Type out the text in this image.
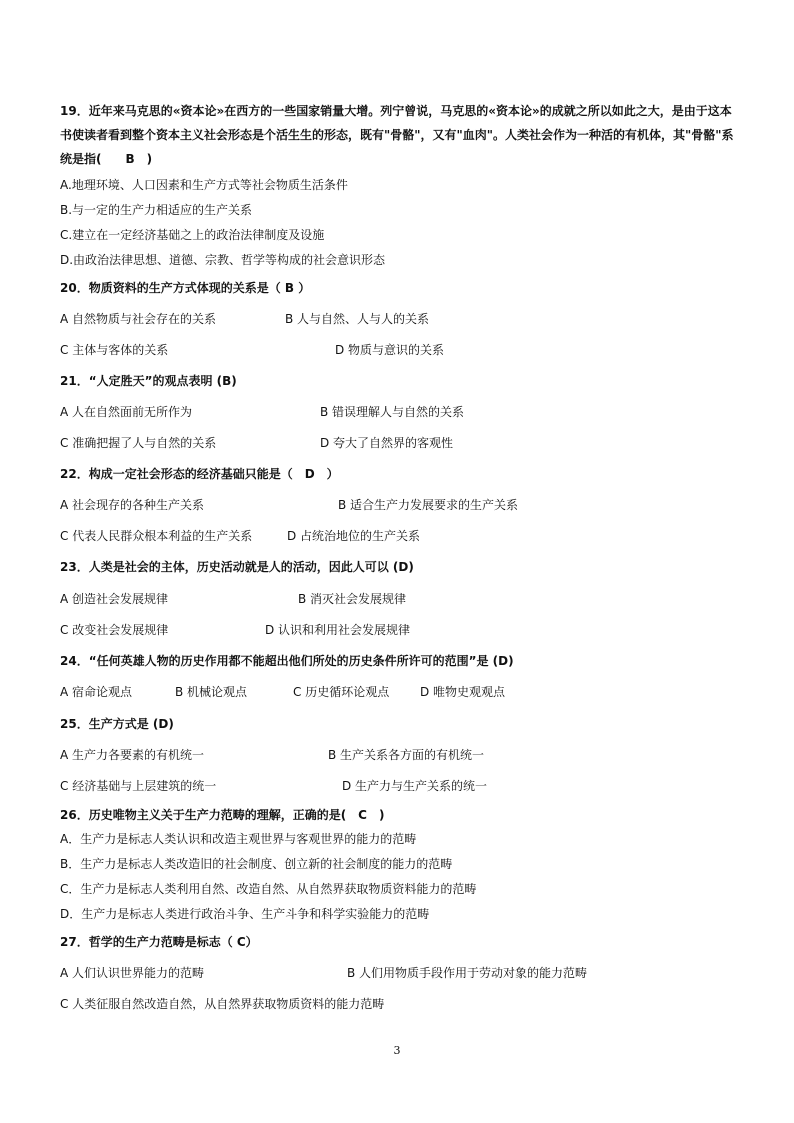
19．近年来马克思的«资本论»在西方的一些国家销量大增。列宁曾说，马克思的«资本论»的成就之所以如此之大，是由于这本书使读者看到整个资本主义社会形态是个活生生的形态，既有"骨骼"，又有"血肉"。人类社会作为一种活的有机体，其"骨骼"系统是指(　　B　)
A.地理环境、人口因素和生产方式等社会物质生活条件
B.与一定的生产力相适应的生产关系
C.建立在一定经济基础之上的政治法律制度及设施
D.由政治法律思想、道德、宗教、哲学等构成的社会意识形态
20．物质资料的生产方式体现的关系是（ B ）
A 自然物质与社会存在的关系	B 人与自然、人与人的关系
C 主体与客体的关系	D 物质与意识的关系
21．“人定胜天”的观点表明 (B)
A 人在自然面前无所作为	B 错误理解人与自然的关系
C 准确把握了人与自然的关系	D 夸大了自然界的客观性
22．构成一定社会形态的经济基础只能是（　D　）
A 社会现存的各种生产关系	B 适合生产力发展要求的生产关系
C 代表人民群众根本利益的生产关系	D 占统治地位的生产关系
23．人类是社会的主体，历史活动就是人的活动，因此人可以 (D)
A 创造社会发展规律	B 消灭社会发展规律
C 改变社会发展规律	D 认识和利用社会发展规律
24．“任何英雄人物的历史作用都不能超出他们所处的历史条件所许可的范围”是 (D)
A 宿命论观点	B 机械论观点	C 历史循环论观点	D 唯物史观观点
25．生产方式是 (D)
A 生产力各要素的有机统一	B 生产关系各方面的有机统一
C 经济基础与上层建筑的统一	D 生产力与生产关系的统一
26．历史唯物主义关于生产力范畴的理解，正确的是(　C　)
A．生产力是标志人类认识和改造主观世界与客观世界的能力的范畴
B．生产力是标志人类改造旧的社会制度、创立新的社会制度的能力的范畴
C．生产力是标志人类利用自然、改造自然、从自然界获取物质资料能力的范畴
D．生产力是标志人类进行政治斗争、生产斗争和科学实验能力的范畴
27．哲学的生产力范畴是标志（ C）
A 人们认识世界能力的范畴	B 人们用物质手段作用于劳动对象的能力范畴
C 人类征服自然改造自然，从自然界获取物质资料的能力范畴
3
